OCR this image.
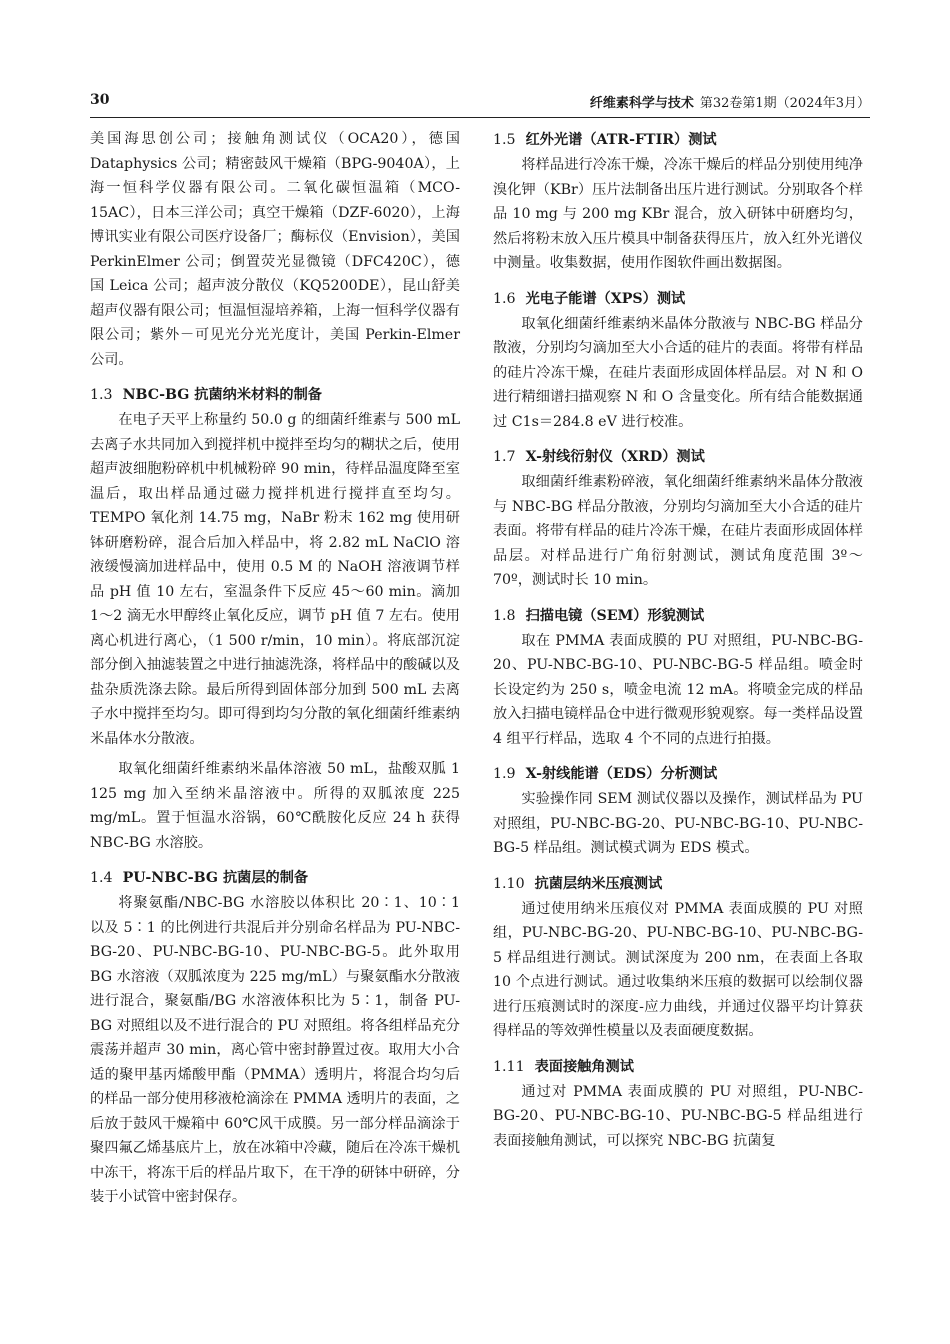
30	纤维素科学与技术 第32卷第1期（2024年3月）

美国海思创公司；接触角测试仪（OCA20），德国 Dataphysics 公司；精密鼓风干燥箱（BPG-9040A），上海一恒科学仪器有限公司。二氧化碳恒温箱（MCO-15AC），日本三洋公司；真空干燥箱（DZF-6020），上海博讯实业有限公司医疗设备厂；酶标仪（Envision），美国 PerkinElmer 公司；倒置荧光显微镜（DFC420C），德国 Leica 公司；超声波分散仪（KQ5200DE），昆山舒美超声仪器有限公司；恒温恒湿培养箱，上海一恒科学仪器有限公司；紫外－可见光分光光度计，美国 Perkin-Elmer 公司。

1.3 NBC-BG 抗菌纳米材料的制备

在电子天平上称量约 50.0 g 的细菌纤维素与 500 mL 去离子水共同加入到搅拌机中搅拌至均匀的糊状之后，使用超声波细胞粉碎机中机械粉碎 90 min，待样品温度降至室温后，取出样品通过磁力搅拌机进行搅拌直至均匀。TEMPO 氧化剂 14.75 mg，NaBr 粉末 162 mg 使用研钵研磨粉碎，混合后加入样品中，将 2.82 mL NaClO 溶液缓慢滴加进样品中，使用 0.5 M 的 NaOH 溶液调节样品 pH 值 10 左右，室温条件下反应 45～60 min。滴加 1～2 滴无水甲醇终止氧化反应，调节 pH 值 7 左右。使用离心机进行离心，（1 500 r/min，10 min）。将底部沉淀部分倒入抽滤装置之中进行抽滤洗涤，将样品中的酸碱以及盐杂质洗涤去除。最后所得到固体部分加到 500 mL 去离子水中搅拌至均匀。即可得到均匀分散的氧化细菌纤维素纳米晶体水分散液。

取氧化细菌纤维素纳米晶体溶液 50 mL，盐酸双胍 1 125 mg 加入至纳米晶溶液中。所得的双胍浓度 225 mg/mL。置于恒温水浴锅，60℃酰胺化反应 24 h 获得 NBC-BG 水溶胶。

1.4 PU-NBC-BG 抗菌层的制备

将聚氨酯/NBC-BG 水溶胶以体积比 20∶1、10∶1 以及 5∶1 的比例进行共混后并分别命名样品为 PU-NBC-BG-20、PU-NBC-BG-10、PU-NBC-BG-5。此外取用 BG 水溶液（双胍浓度为 225 mg/mL）与聚氨酯水分散液进行混合，聚氨酯/BG 水溶液体积比为 5∶1，制备 PU-BG 对照组以及不进行混合的 PU 对照组。将各组样品充分震荡并超声 30 min，离心管中密封静置过夜。取用大小合适的聚甲基丙烯酸甲酯（PMMA）透明片，将混合均匀后的样品一部分使用移液枪滴涂在 PMMA 透明片的表面，之后放于鼓风干燥箱中 60℃风干成膜。另一部分样品滴涂于聚四氟乙烯基底片上，放在冰箱中冷藏，随后在冷冻干燥机中冻干，将冻干后的样品片取下，在干净的研钵中研碎，分装于小试管中密封保存。

1.5 红外光谱（ATR-FTIR）测试

将样品进行冷冻干燥，冷冻干燥后的样品分别使用纯净溴化钾（KBr）压片法制备出压片进行测试。分别取各个样品 10 mg 与 200 mg KBr 混合，放入研钵中研磨均匀，然后将粉末放入压片模具中制备获得压片，放入红外光谱仪中测量。收集数据，使用作图软件画出数据图。

1.6 光电子能谱（XPS）测试

取氧化细菌纤维素纳米晶体分散液与 NBC-BG 样品分散液，分别均匀滴加至大小合适的硅片的表面。将带有样品的硅片冷冻干燥，在硅片表面形成固体样品层。对 N 和 O 进行精细谱扫描观察 N 和 O 含量变化。所有结合能数据通过 C1s＝284.8 eV 进行校准。

1.7 X-射线衍射仪（XRD）测试

取细菌纤维素粉碎液，氧化细菌纤维素纳米晶体分散液与 NBC-BG 样品分散液，分别均匀滴加至大小合适的硅片表面。将带有样品的硅片冷冻干燥，在硅片表面形成固体样品层。对样品进行广角衍射测试，测试角度范围 3º～70º，测试时长 10 min。

1.8 扫描电镜（SEM）形貌测试

取在 PMMA 表面成膜的 PU 对照组，PU-NBC-BG-20、PU-NBC-BG-10、PU-NBC-BG-5 样品组。喷金时长设定约为 250 s，喷金电流 12 mA。将喷金完成的样品放入扫描电镜样品仓中进行微观形貌观察。每一类样品设置 4 组平行样品，选取 4 个不同的点进行拍摄。

1.9 X-射线能谱（EDS）分析测试

实验操作同 SEM 测试仪器以及操作，测试样品为 PU 对照组，PU-NBC-BG-20、PU-NBC-BG-10、PU-NBC-BG-5 样品组。测试模式调为 EDS 模式。

1.10 抗菌层纳米压痕测试

通过使用纳米压痕仪对 PMMA 表面成膜的 PU 对照组，PU-NBC-BG-20、PU-NBC-BG-10、PU-NBC-BG-5 样品组进行测试。测试深度为 200 nm，在表面上各取 10 个点进行测试。通过收集纳米压痕的数据可以绘制仪器进行压痕测试时的深度-应力曲线，并通过仪器平均计算获得样品的等效弹性模量以及表面硬度数据。

1.11 表面接触角测试

通过对 PMMA 表面成膜的 PU 对照组，PU-NBC-BG-20、PU-NBC-BG-10、PU-NBC-BG-5 样品组进行表面接触角测试，可以探究 NBC-BG 抗菌复
